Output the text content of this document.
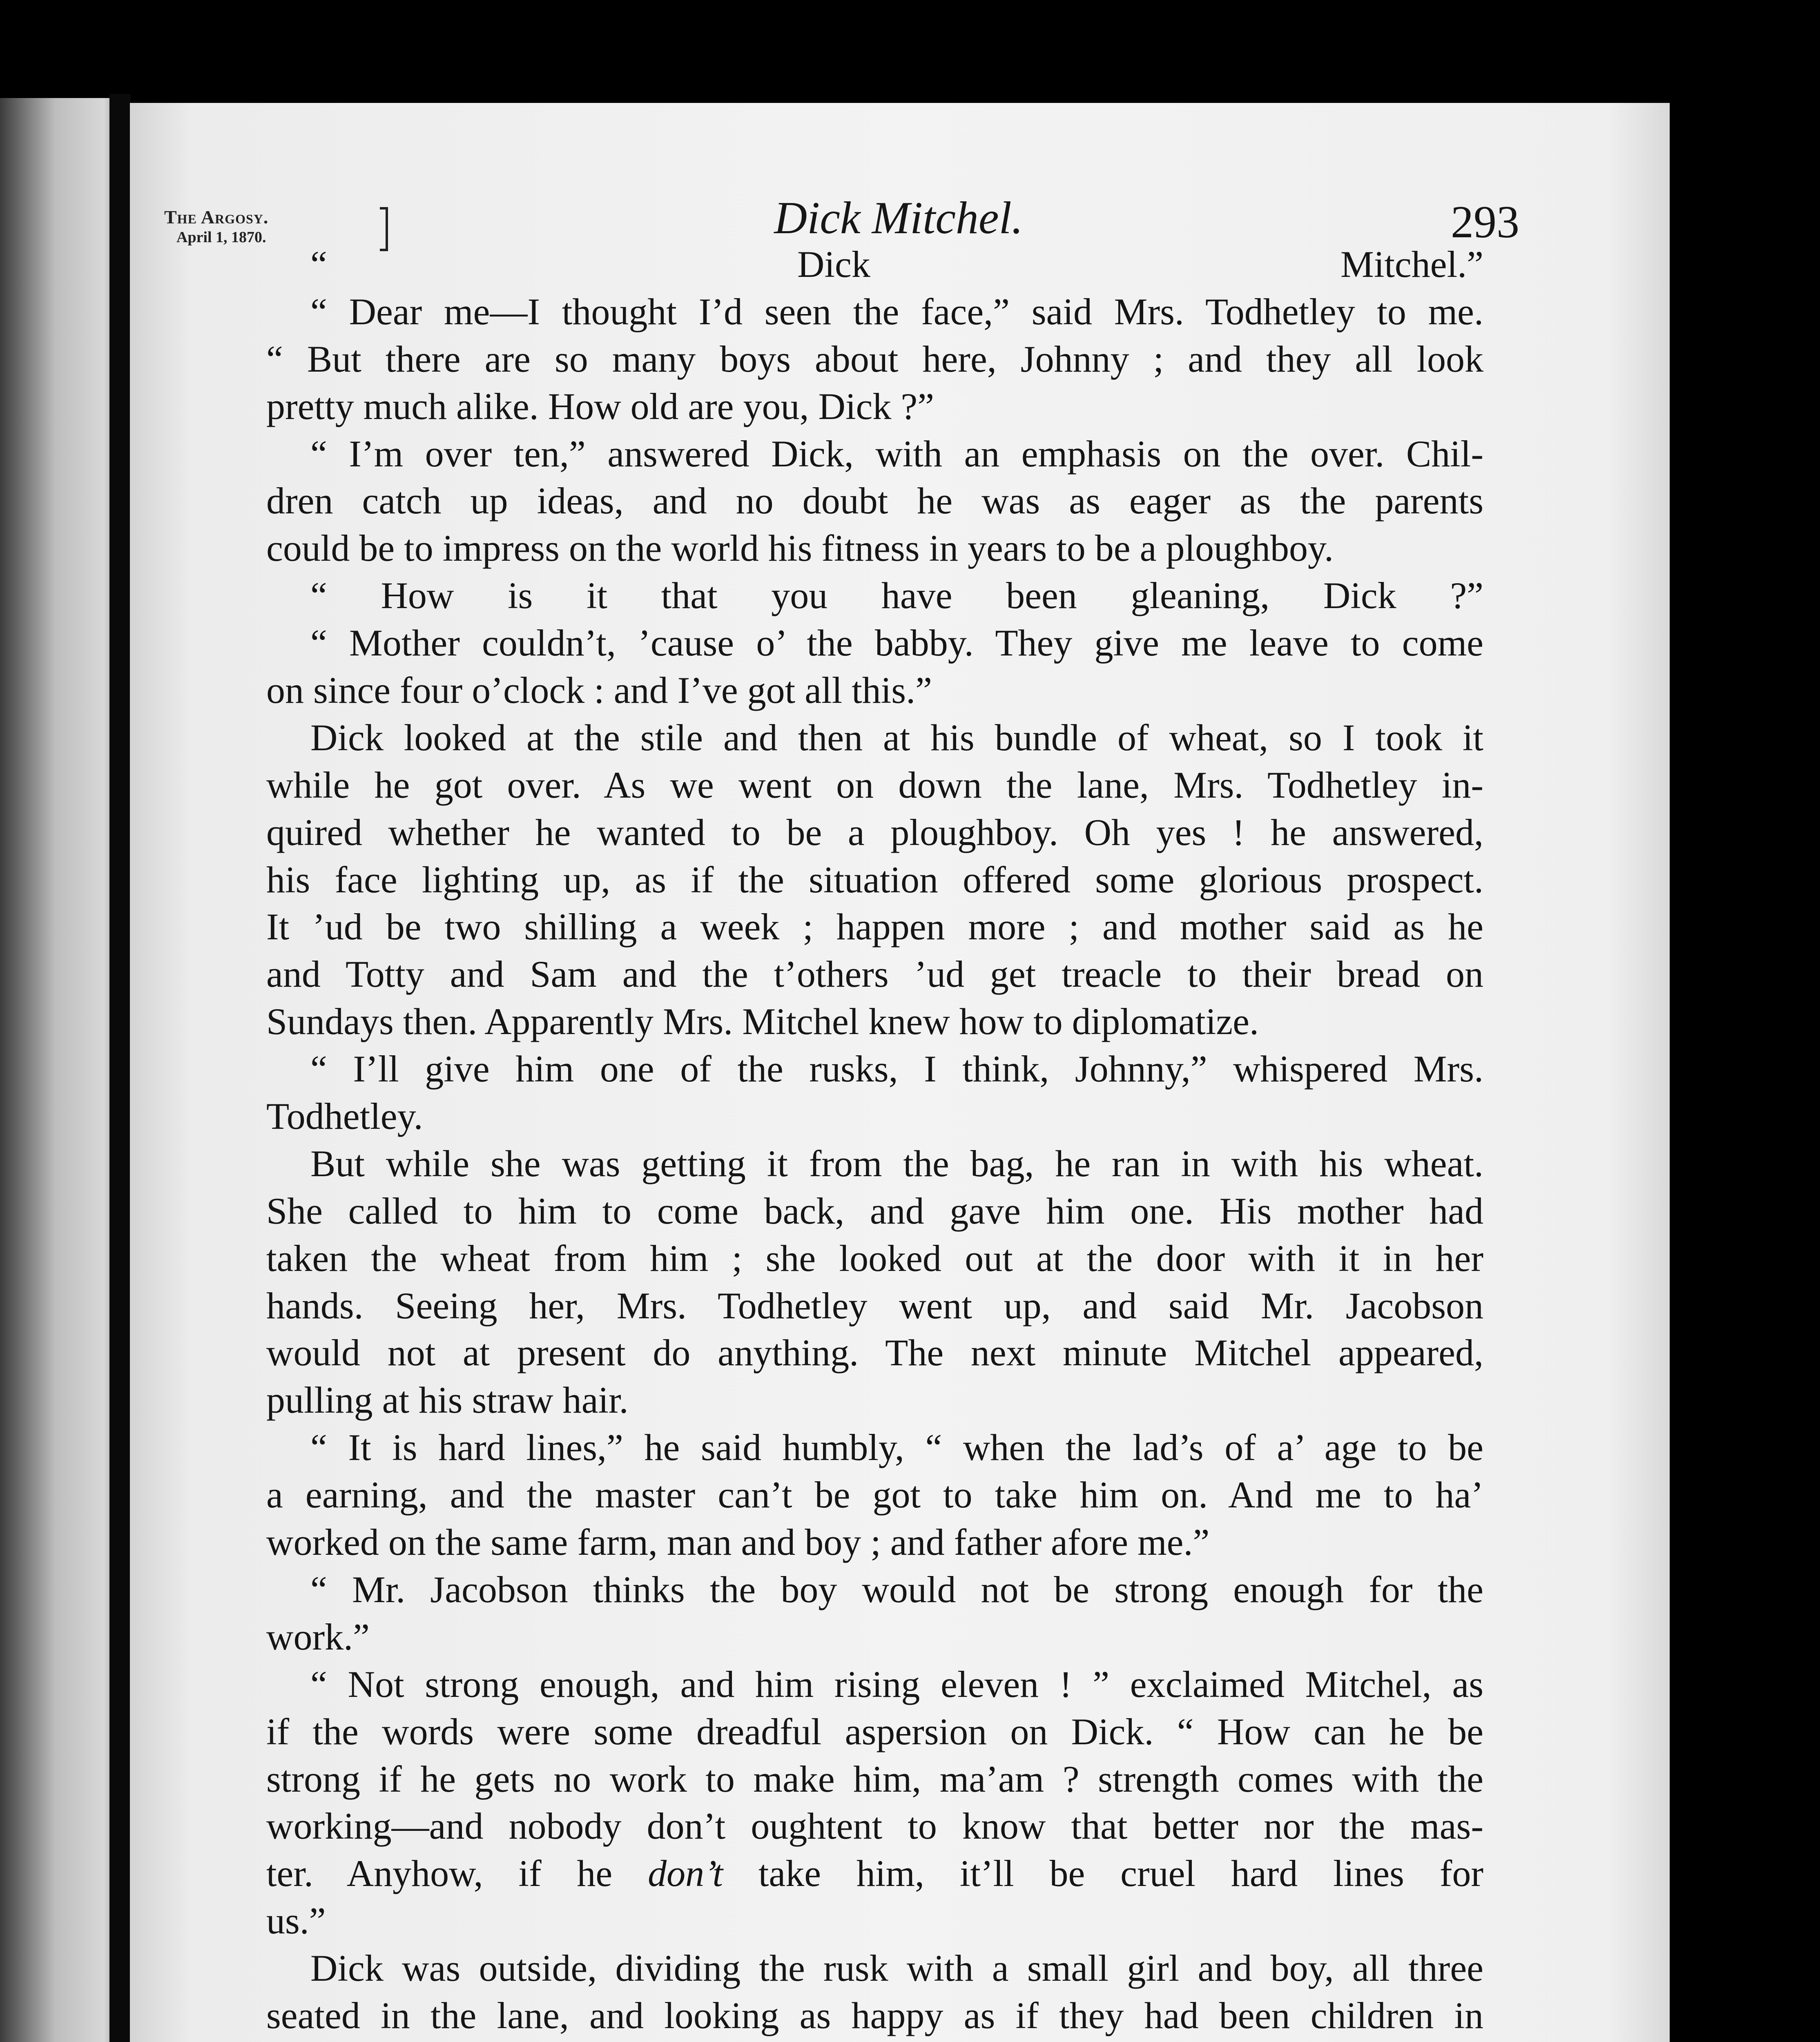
The Argosy.
April 1, 1870.	Dick Mitchel.	293
“ Dick Mitchel.”
“ Dear me—I thought I’d seen the face,” said Mrs. Todhetley to me.
“ But there are so many boys about here, Johnny ; and they all look
pretty much alike. How old are you, Dick ?”
“ I’m over ten,” answered Dick, with an emphasis on the over. Chil-
dren catch up ideas, and no doubt he was as eager as the parents
could be to impress on the world his fitness in years to be a ploughboy.
“ How is it that you have been gleaning, Dick ?”
“ Mother couldn’t, ’cause o’ the babby. They give me leave to come
on since four o’clock : and I’ve got all this.”
Dick looked at the stile and then at his bundle of wheat, so I took it
while he got over. As we went on down the lane, Mrs. Todhetley in-
quired whether he wanted to be a ploughboy. Oh yes ! he answered,
his face lighting up, as if the situation offered some glorious prospect.
It ’ud be two shilling a week ; happen more ; and mother said as he
and Totty and Sam and the t’others ’ud get treacle to their bread on
Sundays then. Apparently Mrs. Mitchel knew how to diplomatize.
“ I’ll give him one of the rusks, I think, Johnny,” whispered Mrs.
Todhetley.
But while she was getting it from the bag, he ran in with his wheat.
She called to him to come back, and gave him one. His mother had
taken the wheat from him ; she looked out at the door with it in her
hands. Seeing her, Mrs. Todhetley went up, and said Mr. Jacobson
would not at present do anything. The next minute Mitchel appeared,
pulling at his straw hair.
“ It is hard lines,” he said humbly, “ when the lad’s of a’ age to be
a earning, and the master can’t be got to take him on. And me to ha’
worked on the same farm, man and boy ; and father afore me.”
“ Mr. Jacobson thinks the boy would not be strong enough for the
work.”
“ Not strong enough, and him rising eleven ! ” exclaimed Mitchel, as
if the words were some dreadful aspersion on Dick. “ How can he be
strong if he gets no work to make him, ma’am ? strength comes with the
working—and nobody don’t oughtent to know that better nor the mas-
ter. Anyhow, if he don’t take him, it’ll be cruel hard lines for
us.”
Dick was outside, dividing the rusk with a small girl and boy, all three
seated in the lane, and looking as happy as if they had been children in
